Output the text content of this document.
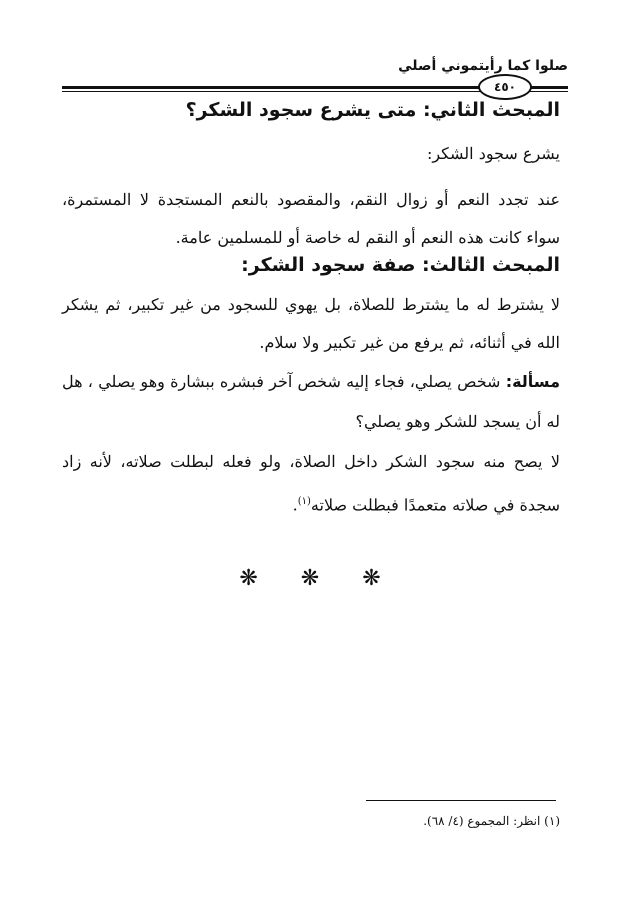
صلوا كما رأيتموني أصلي
٤٥٠
المبحث الثاني: متى يشرع سجود الشكر؟
يشرع سجود الشكر:
عند تجدد النعم أو زوال النقم، والمقصود بالنعم المستجدة لا المستمرة، سواء كانت هذه النعم أو النقم له خاصة أو للمسلمين عامة.
المبحث الثالث: صفة سجود الشكر:
لا يشترط له ما يشترط للصلاة، بل يهوي للسجود من غير تكبير، ثم يشكر الله في أثنائه، ثم يرفع من غير تكبير ولا سلام.
مسألة: شخص يصلي، فجاء إليه شخص آخر فبشره ببشارة وهو يصلي ، هل له أن يسجد للشكر وهو يصلي؟
لا يصح منه سجود الشكر داخل الصلاة، ولو فعله لبطلت صلاته، لأنه زاد سجدة في صلاته متعمدًا فبطلت صلاته$^{(١)}$.
❋ ❋ ❋
(١) انظر: المجموع (٤/ ٦٨).
